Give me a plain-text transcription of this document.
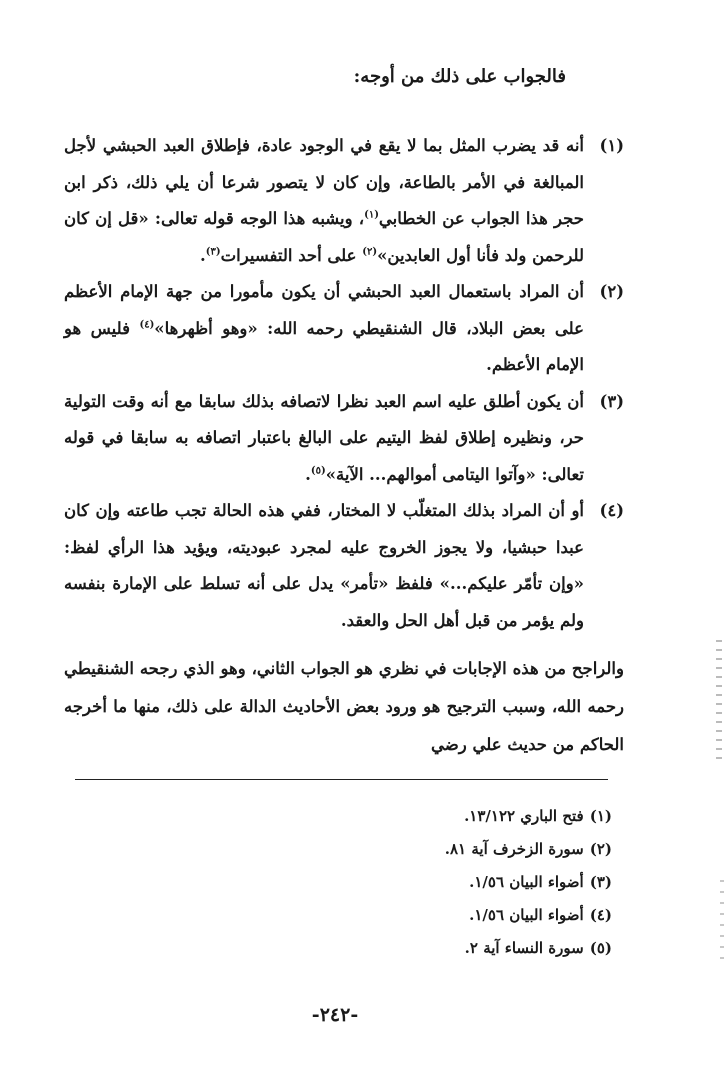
فالجواب على ذلك من أوجه:
(١)
أنه قد يضرب المثل بما لا يقع في الوجود عادة، فإطلاق العبد الحبشي لأجل المبالغة في الأمر بالطاعة، وإن كان لا يتصور شرعا أن يلي ذلك، ذكر ابن حجر هذا الجواب عن الخطابي$^{(١)}$، ويشبه هذا الوجه قوله تعالى: «قل إن كان للرحمن ولد فأنا أول العابدين»$^{(٢)}$ على أحد التفسيرات$^{(٣)}$.
(٢)
أن المراد باستعمال العبد الحبشي أن يكون مأمورا من جهة الإمام الأعظم على بعض البلاد، قال الشنقيطي رحمه الله: «وهو أظهرها»$^{(٤)}$ فليس هو الإمام الأعظم.
(٣)
أن يكون أطلق عليه اسم العبد نظرا لاتصافه بذلك سابقا مع أنه وقت التولية حر، ونظيره إطلاق لفظ اليتيم على البالغ باعتبار اتصافه به سابقا في قوله تعالى: «وآتوا اليتامى أموالهم... الآية»$^{(٥)}$.
(٤)
أو أن المراد بذلك المتغلّب لا المختار، ففي هذه الحالة تجب طاعته وإن كان عبدا حبشيا، ولا يجوز الخروج عليه لمجرد عبوديته، ويؤيد هذا الرأي لفظ: «وإن تأمّر عليكم...» فلفظ «تأمر» يدل على أنه تسلط على الإمارة بنفسه ولم يؤمر من قبل أهل الحل والعقد.
والراجح من هذه الإجابات في نظري هو الجواب الثاني، وهو الذي رجحه الشنقيطي رحمه الله، وسبب الترجيح هو ورود بعض الأحاديث الدالة على ذلك، منها ما أخرجه الحاكم من حديث علي رضي
(١)فتح الباري ١٣/١٢٢.
(٢)سورة الزخرف آية ٨١.
(٣)أضواء البيان ١/٥٦.
(٤)أضواء البيان ١/٥٦.
(٥)سورة النساء آية ٢.
-٢٤٢-
